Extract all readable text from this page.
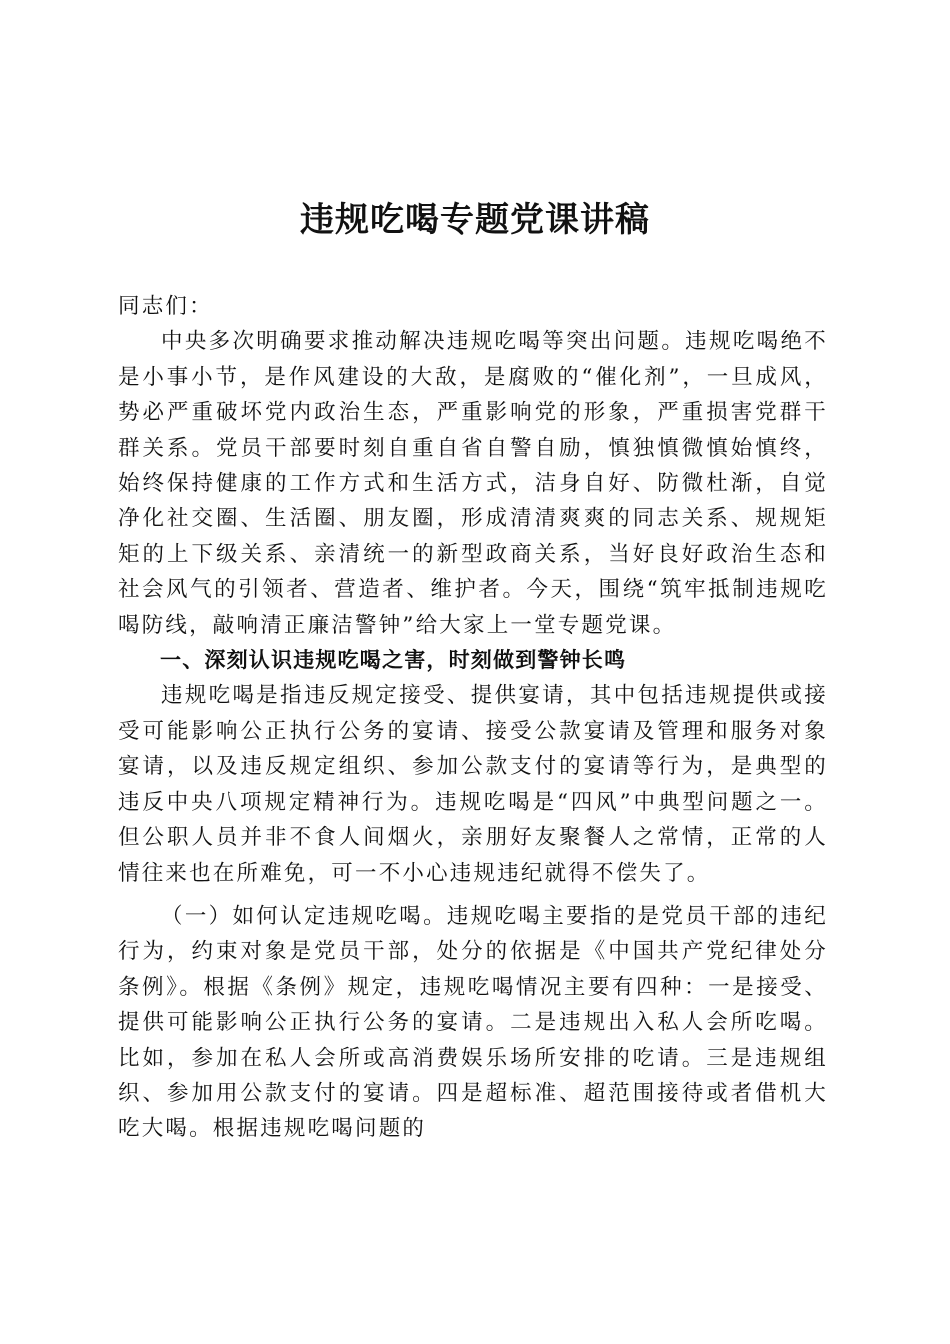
违规吃喝专题党课讲稿

同志们：

中央多次明确要求推动解决违规吃喝等突出问题。违规吃喝绝不是小事小节，是作风建设的大敌，是腐败的“催化剂”，一旦成风，势必严重破坏党内政治生态，严重影响党的形象，严重损害党群干群关系。党员干部要时刻自重自省自警自励，慎独慎微慎始慎终，始终保持健康的工作方式和生活方式，洁身自好、防微杜渐，自觉净化社交圈、生活圈、朋友圈，形成清清爽爽的同志关系、规规矩矩的上下级关系、亲清统一的新型政商关系，当好良好政治生态和社会风气的引领者、营造者、维护者。今天，围绕“筑牢抵制违规吃喝防线，敲响清正廉洁警钟”给大家上一堂专题党课。

一、深刻认识违规吃喝之害，时刻做到警钟长鸣

违规吃喝是指违反规定接受、提供宴请，其中包括违规提供或接受可能影响公正执行公务的宴请、接受公款宴请及管理和服务对象宴请，以及违反规定组织、参加公款支付的宴请等行为，是典型的违反中央八项规定精神行为。违规吃喝是“四风”中典型问题之一。但公职人员并非不食人间烟火，亲朋好友聚餐人之常情，正常的人情往来也在所难免，可一不小心违规违纪就得不偿失了。

（一）如何认定违规吃喝。违规吃喝主要指的是党员干部的违纪行为，约束对象是党员干部，处分的依据是《中国共产党纪律处分条例》。根据《条例》规定，违规吃喝情况主要有四种：一是接受、提供可能影响公正执行公务的宴请。二是违规出入私人会所吃喝。比如，参加在私人会所或高消费娱乐场所安排的吃请。三是违规组织、参加用公款支付的宴请。四是超标准、超范围接待或者借机大吃大喝。根据违规吃喝问题的
